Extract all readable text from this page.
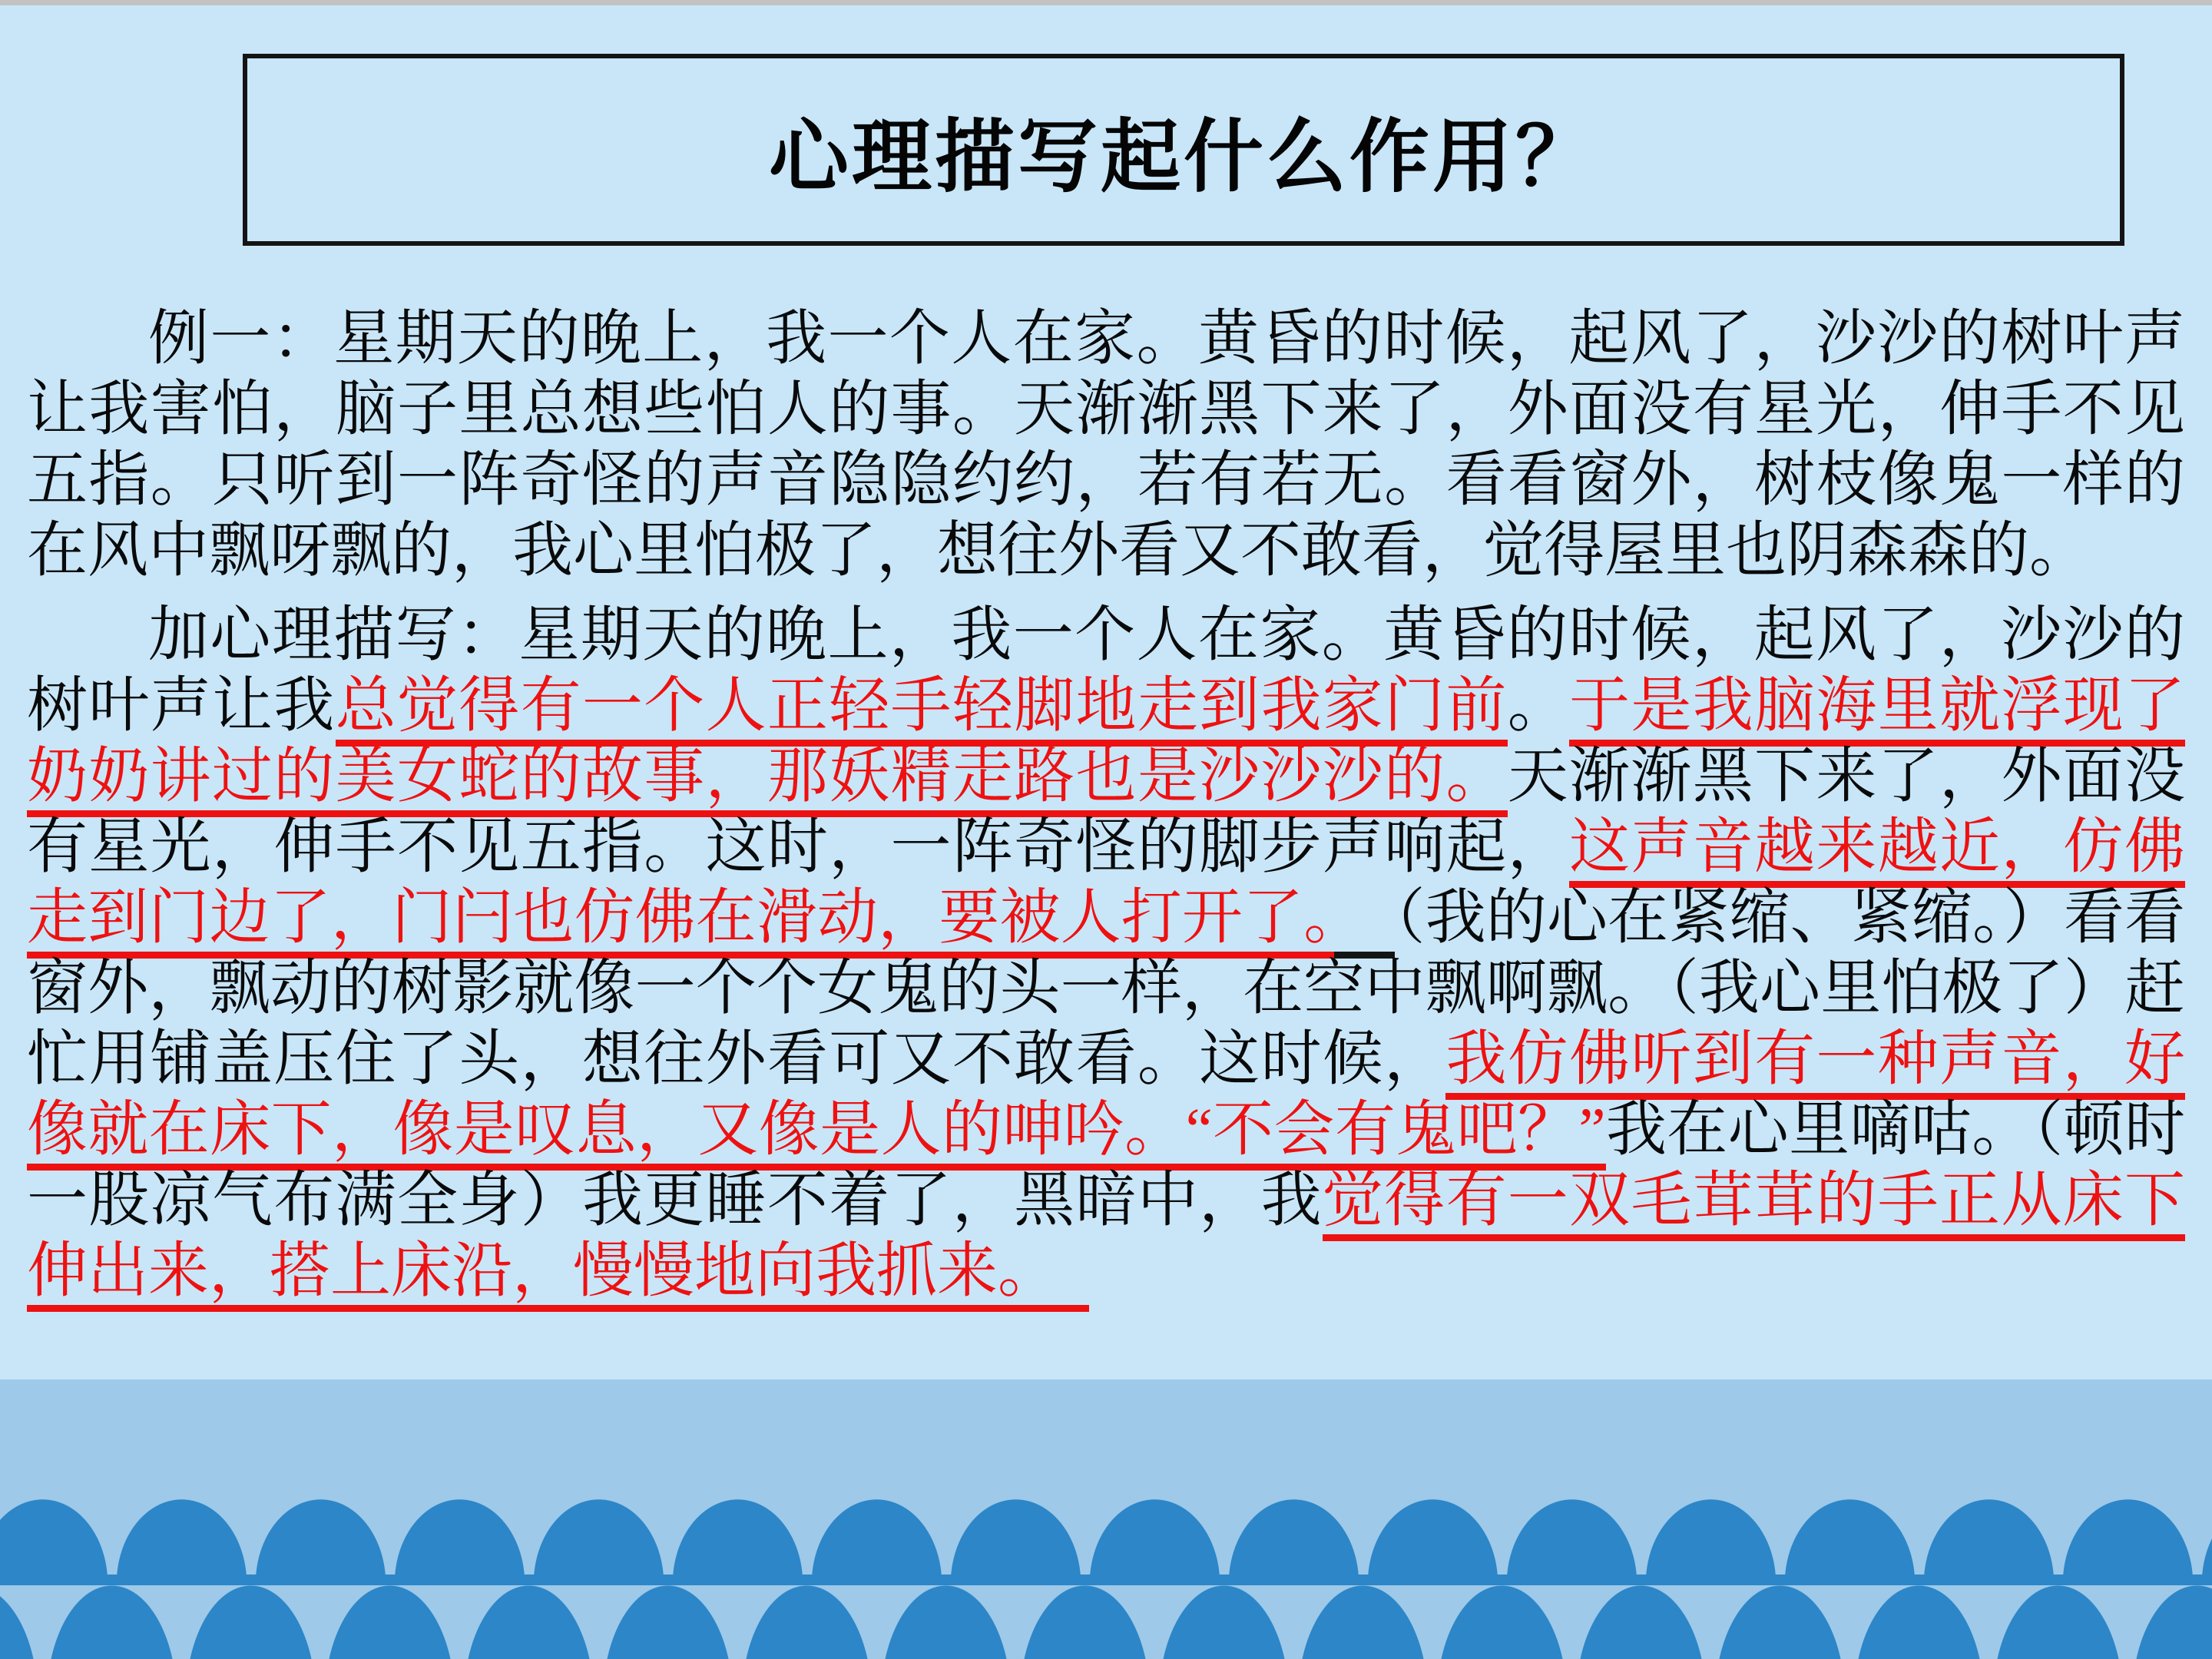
心理描写起什么作用？

例一：星期天的晚上，我一个人在家。黄昏的时候，起风了，沙沙的树叶声让我害怕，脑子里总想些怕人的事。天渐渐黑下来了，外面没有星光，伸手不见五指。只听到一阵奇怪的声音隐隐约约，若有若无。看看窗外，树枝像鬼一样的在风中飘呀飘的，我心里怕极了，想往外看又不敢看，觉得屋里也阴森森的。

加心理描写：星期天的晚上，我一个人在家。黄昏的时候，起风了，沙沙的树叶声让我总觉得有一个人正轻手轻脚地走到我家门前。于是我脑海里就浮现了奶奶讲过的美女蛇的故事，那妖精走路也是沙沙沙的。天渐渐黑下来了，外面没有星光，伸手不见五指。这时，一阵奇怪的脚步声响起，这声音越来越近，仿佛走到门边了，门闩也仿佛在滑动，要被人打开了。　 （我的心在紧缩、紧缩。）看看窗外，飘动的树影就像一个个女鬼的头一样，在空中飘啊飘。（我心里怕极了）赶忙用铺盖压住了头，想往外看可又不敢看。这时候，我仿佛听到有一种声音，好像就在床下，像是叹息，又像是人的呻吟。“不会有鬼吧？”我在心里嘀咕。（顿时一股凉气布满全身）我更睡不着了，黑暗中，我觉得有一双毛茸茸的手正从床下伸出来，搭上床沿，慢慢地向我抓来。　
